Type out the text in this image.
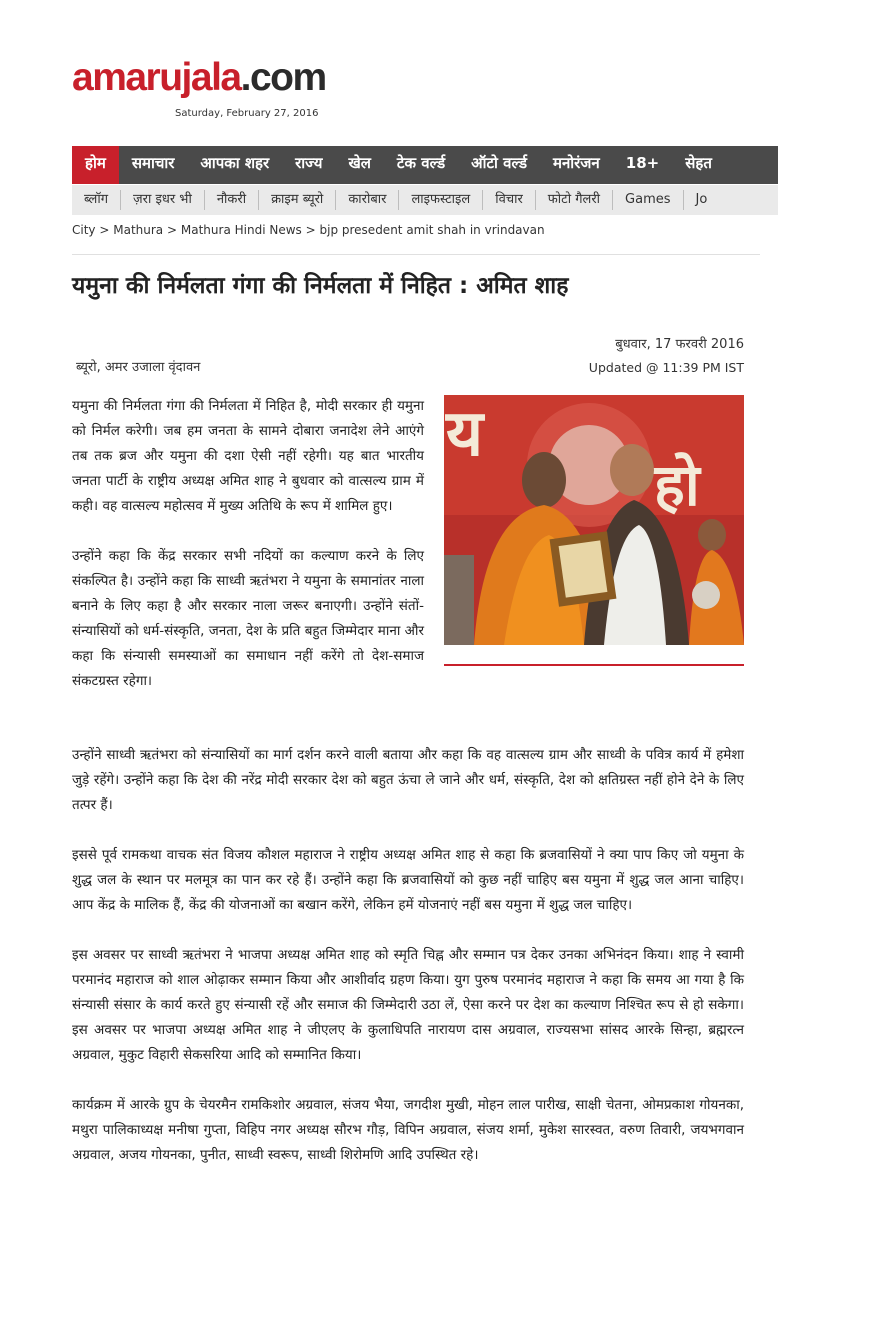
amarujala.com
Saturday, February 27, 2016
होम	समाचार	आपका शहर	राज्य	खेल	टेक वर्ल्ड	ऑटो वर्ल्ड	मनोरंजन	18+	सेहत
ब्लॉग	ज़रा इधर भी	नौकरी	क्राइम ब्यूरो	कारोबार	लाइफस्टाइल	विचार	फोटो गैलरी	Games	Jo
City > Mathura > Mathura Hindi News > bjp presedent amit shah in vrindavan
यमुना की निर्मलता गंगा की निर्मलता में निहित : अमित शाह
बुधवार, 17 फरवरी 2016
ब्यूरो, अमर उजाला वृंदावन	Updated @ 11:39 PM IST

यमुना की निर्मलता गंगा की निर्मलता में निहित है, मोदी सरकार ही यमुना को निर्मल करेगी। जब हम जनता के सामने दोबारा जनादेश लेने आएंगे तब तक ब्रज और यमुना की दशा ऐसी नहीं रहेगी। यह बात भारतीय जनता पार्टी के राष्ट्रीय अध्यक्ष अमित शाह ने बुधवार को वात्सल्य ग्राम में कही। वह वात्सल्य महोत्सव में मुख्य अतिथि के रूप में शामिल हुए।

उन्होंने कहा कि केंद्र सरकार सभी नदियों का कल्याण करने के लिए संकल्पित है। उन्होंने कहा कि साध्वी ऋतंभरा ने यमुना के समानांतर नाला बनाने के लिए कहा है और सरकार नाला जरूर बनाएगी। उन्होंने संतों-संन्यासियों को धर्म-संस्कृति, जनता, देश के प्रति बहुत जिम्मेदार माना और कहा कि संन्यासी समस्याओं का समाधान नहीं करेंगे तो देश-समाज संकटग्रस्त रहेगा।

य
हो

उन्होंने साध्वी ऋतंभरा को संन्यासियों का मार्ग दर्शन करने वाली बताया और कहा कि वह वात्सल्य ग्राम और साध्वी के पवित्र कार्य में हमेशा जुड़े रहेंगे। उन्होंने कहा कि देश की नरेंद्र मोदी सरकार देश को बहुत ऊंचा ले जाने और धर्म, संस्कृति, देश को क्षतिग्रस्त नहीं होने देने के लिए तत्पर हैं।

इससे पूर्व रामकथा वाचक संत विजय कौशल महाराज ने राष्ट्रीय अध्यक्ष अमित शाह से कहा कि ब्रजवासियों ने क्या पाप किए जो यमुना के शुद्ध जल के स्थान पर मलमूत्र का पान कर रहे हैं। उन्होंने कहा कि ब्रजवासियों को कुछ नहीं चाहिए बस यमुना में शुद्ध जल आना चाहिए। आप केंद्र के मालिक हैं, केंद्र की योजनाओं का बखान करेंगे, लेकिन हमें योजनाएं नहीं बस यमुना में शुद्ध जल चाहिए।

इस अवसर पर साध्वी ऋतंभरा ने भाजपा अध्यक्ष अमित शाह को स्मृति चिह्न और सम्मान पत्र देकर उनका अभिनंदन किया। शाह ने स्वामी परमानंद महाराज को शाल ओढ़ाकर सम्मान किया और आशीर्वाद ग्रहण किया। युग पुरुष परमानंद महाराज ने कहा कि समय आ गया है कि संन्यासी संसार के कार्य करते हुए संन्यासी रहें और समाज की जिम्मेदारी उठा लें, ऐसा करने पर देश का कल्याण निश्चित रूप से हो सकेगा। इस अवसर पर भाजपा अध्यक्ष अमित शाह ने जीएलए के कुलाधिपति नारायण दास अग्रवाल, राज्यसभा सांसद आरके सिन्हा, ब्रह्मरत्न अग्रवाल, मुकुट विहारी सेकसरिया आदि को सम्मानित किया।

कार्यक्रम में आरके ग्रुप के चेयरमैन रामकिशोर अग्रवाल, संजय भैया, जगदीश मुखी, मोहन लाल पारीख, साक्षी चेतना, ओमप्रकाश गोयनका, मथुरा पालिकाध्यक्ष मनीषा गुप्ता, विहिप नगर अध्यक्ष सौरभ गौड़, विपिन अग्रवाल, संजय शर्मा, मुकेश सारस्वत, वरुण तिवारी, जयभगवान अग्रवाल, अजय गोयनका, पुनीत, साध्वी स्वरूप, साध्वी शिरोमणि आदि उपस्थित रहे।
